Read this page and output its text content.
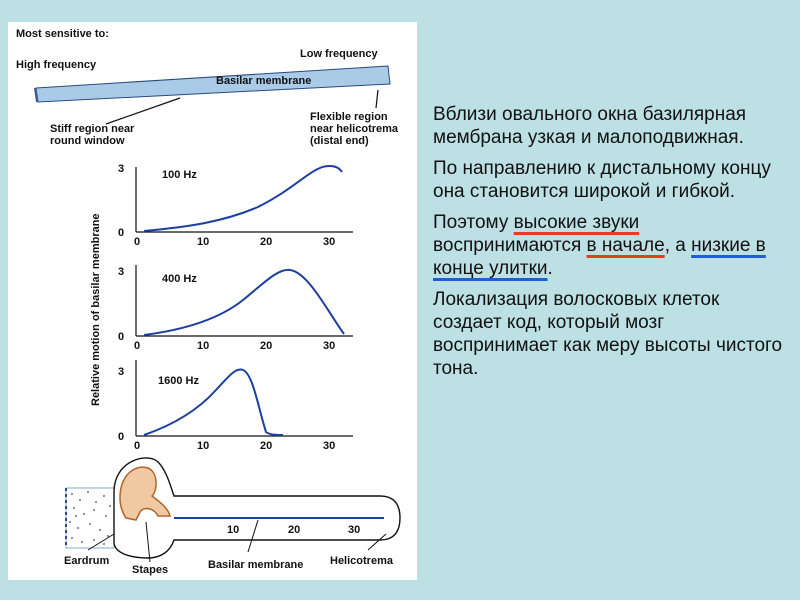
Most sensitive to:
High frequency
Low frequency
Basilar membrane
Stiff region near
round window
Flexible region
near helicotrema
(distal end)
Relative motion of basilar membrane
3
0
0	10	20	30
100 Hz
3
0
0	10	20	30
400 Hz
3
0
0	10	20	30
1600 Hz
10	20	30
Eardrum
Stapes	Basilar membrane Helicotrema

Вблизи овального окна базилярная мембрана узкая и малоподвижная.

По направлению к дистальному концу она становится широкой и гибкой.

Поэтому высокие звуки воспринимаются в начале, а низкие в конце улитки.

Локализация волосковых клеток создает код, который мозг воспринимает как меру высоты чистого тона.
